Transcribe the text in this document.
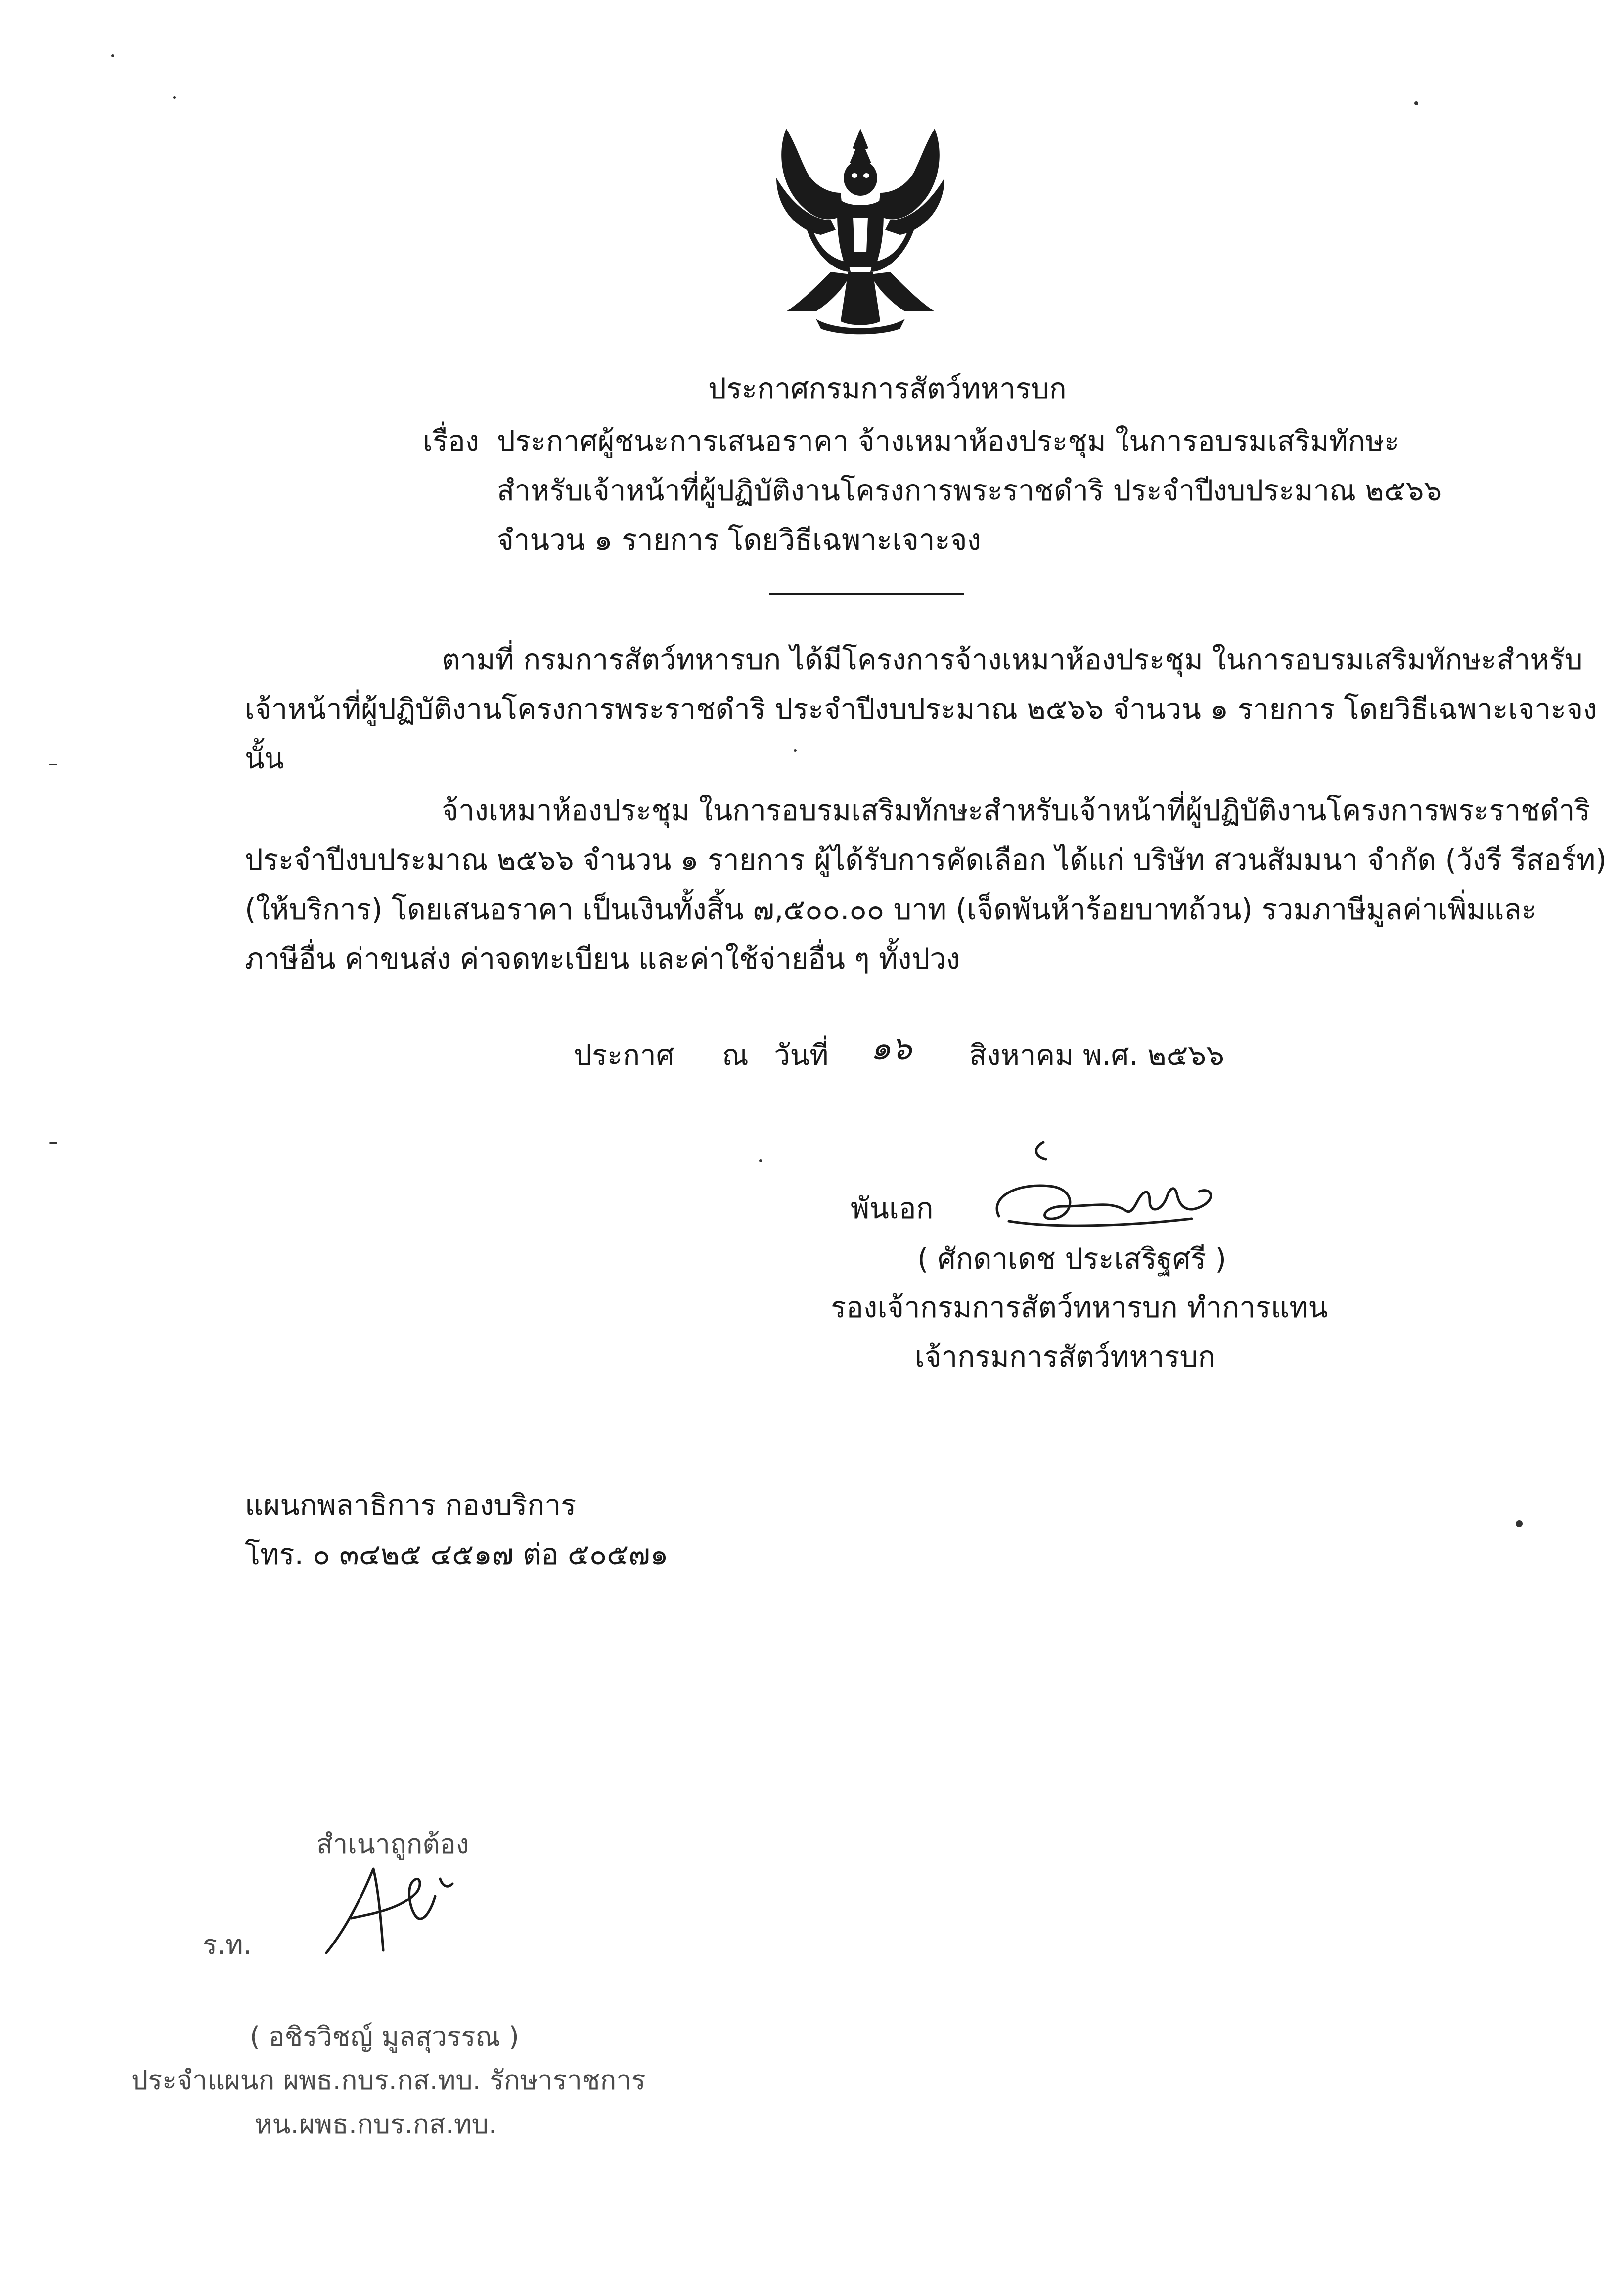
ประกาศกรมการสัตว์ทหารบก
เรื่อง ประกาศผู้ชนะการเสนอราคา จ้างเหมาห้องประชุม ในการอบรมเสริมทักษะ
สำหรับเจ้าหน้าที่ผู้ปฏิบัติงานโครงการพระราชดำริ ประจำปีงบประมาณ ๒๕๖๖
จำนวน ๑ รายการ โดยวิธีเฉพาะเจาะจง
ตามที่ กรมการสัตว์ทหารบก ได้มีโครงการจ้างเหมาห้องประชุม ในการอบรมเสริมทักษะสำหรับ
เจ้าหน้าที่ผู้ปฏิบัติงานโครงการพระราชดำริ ประจำปีงบประมาณ ๒๕๖๖ จำนวน ๑ รายการ โดยวิธีเฉพาะเจาะจง
นั้น
จ้างเหมาห้องประชุม ในการอบรมเสริมทักษะสำหรับเจ้าหน้าที่ผู้ปฏิบัติงานโครงการพระราชดำริ
ประจำปีงบประมาณ ๒๕๖๖ จำนวน ๑ รายการ ผู้ได้รับการคัดเลือก ได้แก่ บริษัท สวนสัมมนา จำกัด (วังรี รีสอร์ท)
(ให้บริการ) โดยเสนอราคา เป็นเงินทั้งสิ้น ๗,๕๐๐.๐๐ บาท (เจ็ดพันห้าร้อยบาทถ้วน) รวมภาษีมูลค่าเพิ่มและ
ภาษีอื่น ค่าขนส่ง ค่าจดทะเบียน และค่าใช้จ่ายอื่น ๆ ทั้งปวง
ประกาศ ณ วันที่ ๑๖ สิงหาคม พ.ศ. ๒๕๖๖
พันเอก
( ศักดาเดช ประเสริฐศรี )
รองเจ้ากรมการสัตว์ทหารบก ทำการแทน
เจ้ากรมการสัตว์ทหารบก
แผนกพลาธิการ กองบริการ
โทร. ๐ ๓๔๒๕ ๔๕๑๗ ต่อ ๕๐๕๗๑
สำเนาถูกต้อง
ร.ท.
( อชิรวิชญ์ มูลสุวรรณ )
ประจำแผนก ผพธ.กบร.กส.ทบ. รักษาราชการ
หน.ผพธ.กบร.กส.ทบ.
